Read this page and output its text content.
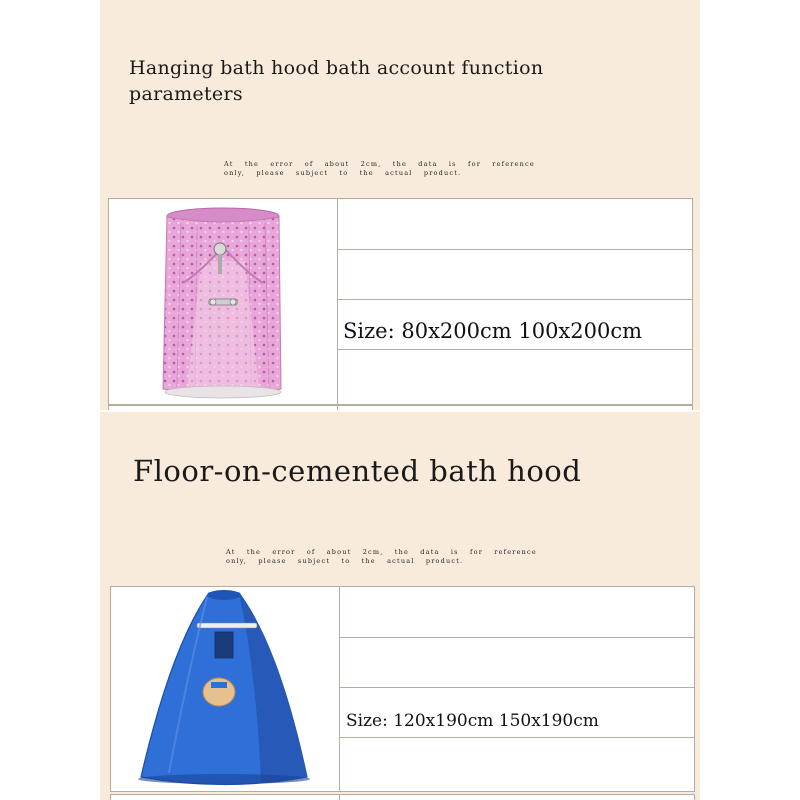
Hanging bath hood bath account function
parameters
At the error of about 2cm, the data is for reference only, please subject to the actual product.
Size: 80x200cm 100x200cm
Floor-on-cemented bath hood
At the error of about 2cm, the data is for reference only, please subject to the actual product.
Size: 120x190cm 150x190cm
